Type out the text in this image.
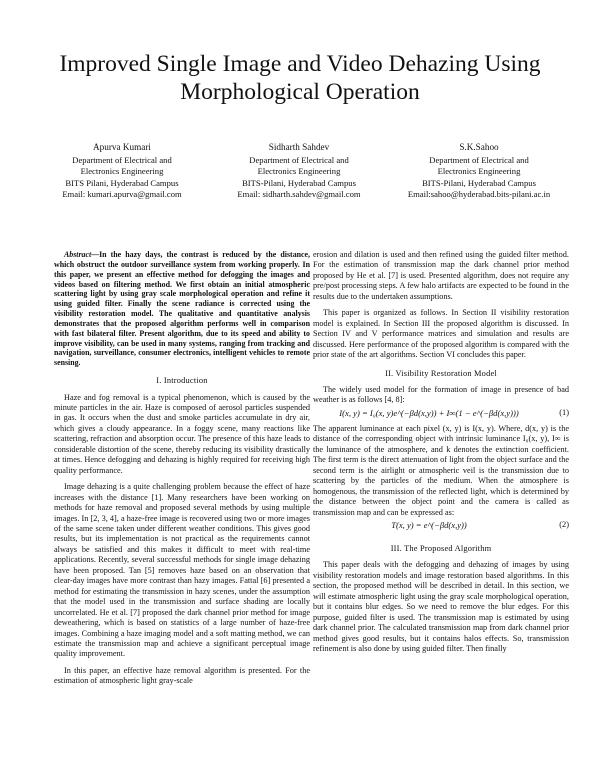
Improved Single Image and Video Dehazing Using Morphological Operation
Apurva Kumari
Department of Electrical and
Electronics Engineering
BITS Pilani, Hyderabad Campus
Email: kumari.apurva@gmail.com
Sidharth Sahdev
Department of Electrical and
Electronics Engineering
BITS-Pilani, Hyderabad Campus
Email: sidharth.sahdev@gmail.com
S.K.Sahoo
Department of Electrical and
Electronics Engineering
BITS-Pilani, Hyderabad Campus
Email:sahoo@hyderabad.bits-pilani.ac.in

Abstract—In the hazy days, the contrast is reduced by the distance, which obstruct the outdoor surveillance system from working properly. In this paper, we present an effective method for defogging the images and videos based on filtering method. We first obtain an initial atmospheric scattering light by using gray scale morphological operation and refine it using guided filter. Finally the scene radiance is corrected using the visibility restoration model. The qualitative and quantitative analysis demonstrates that the proposed algorithm performs well in comparison with fast bilateral filter. Present algorithm, due to its speed and ability to improve visibility, can be used in many systems, ranging from tracking and navigation, surveillance, consumer electronics, intelligent vehicles to remote sensing.

I. Introduction

Haze and fog removal is a typical phenomenon, which is caused by the minute particles in the air. Haze is composed of aerosol particles suspended in gas. It occurs when the dust and smoke particles accumulate in dry air, which gives a cloudy appearance. In a foggy scene, many reactions like scattering, refraction and absorption occur. The presence of this haze leads to considerable distortion of the scene, thereby reducing its visibility drastically at times. Hence defogging and dehazing is highly required for receiving high quality performance.

Image dehazing is a quite challenging problem because the effect of haze increases with the distance [1]. Many researchers have been working on methods for haze removal and proposed several methods by using multiple images. In [2, 3, 4], a haze-free image is recovered using two or more images of the same scene taken under different weather conditions. This gives good results, but its implementation is not practical as the requirements cannot always be satisfied and this makes it difficult to meet with real-time applications. Recently, several successful methods for single image dehazing have been proposed. Tan [5] removes haze based on an observation that clear-day images have more contrast than hazy images. Fattal [6] presented a method for estimating the transmission in hazy scenes, under the assumption that the model used in the transmission and surface shading are locally uncorrelated. He et al. [7] proposed the dark channel prior method for image deweathering, which is based on statistics of a large number of haze-free images. Combining a haze imaging model and a soft matting method, we can estimate the transmission map and achieve a significant perceptual image quality improvement.

In this paper, an effective haze removal algorithm is presented. For the estimation of atmospheric light gray-scale

erosion and dilation is used and then refined using the guided filter method. For the estimation of transmission map the dark channel prior method proposed by He et al. [7] is used. Presented algorithm, does not require any pre/post processing steps. A few halo artifacts are expected to be found in the results due to the undertaken assumptions.

This paper is organized as follows. In Section II visibility restoration model is explained. In Section III the proposed algorithm is discussed. In Section IV and V performance matrices and simulation and results are discussed. Here performance of the proposed algorithm is compared with the prior state of the art algorithms. Section VI concludes this paper.

II. Visibility Restoration Model

The widely used model for the formation of image in presence of bad weather is as follows [4, 8]:

I(x, y) = I₀(x, y)e^(−βd(x,y)) + I∞(1 − e^(−βd(x,y)))	(1)

The apparent luminance at each pixel (x, y) is I(x, y). Where, d(x, y) is the distance of the corresponding object with intrinsic luminance I₀(x, y), I∞ is the luminance of the atmosphere, and k denotes the extinction coefficient. The first term is the direct attenuation of light from the object surface and the second term is the airlight or atmospheric veil is the transmission due to scattering by the particles of the medium. When the atmosphere is homogenous, the transmission of the reflected light, which is determined by the distance between the object point and the camera is called as transmission map and can be expressed as:

T(x, y) = e^(−βd(x,y))	(2)
III. The Proposed Algorithm

This paper deals with the defogging and dehazing of images by using visibility restoration models and image restoration based algorithms. In this section, the proposed method will be described in detail. In this section, we will estimate atmospheric light using the gray scale morphological operation, but it contains blur edges. So we need to remove the blur edges. For this purpose, guided filter is used. The transmission map is estimated by using dark channel prior. The calculated transmission map from dark channel prior method gives good results, but it contains halos effects. So, transmission refinement is also done by using guided filter. Then finally
